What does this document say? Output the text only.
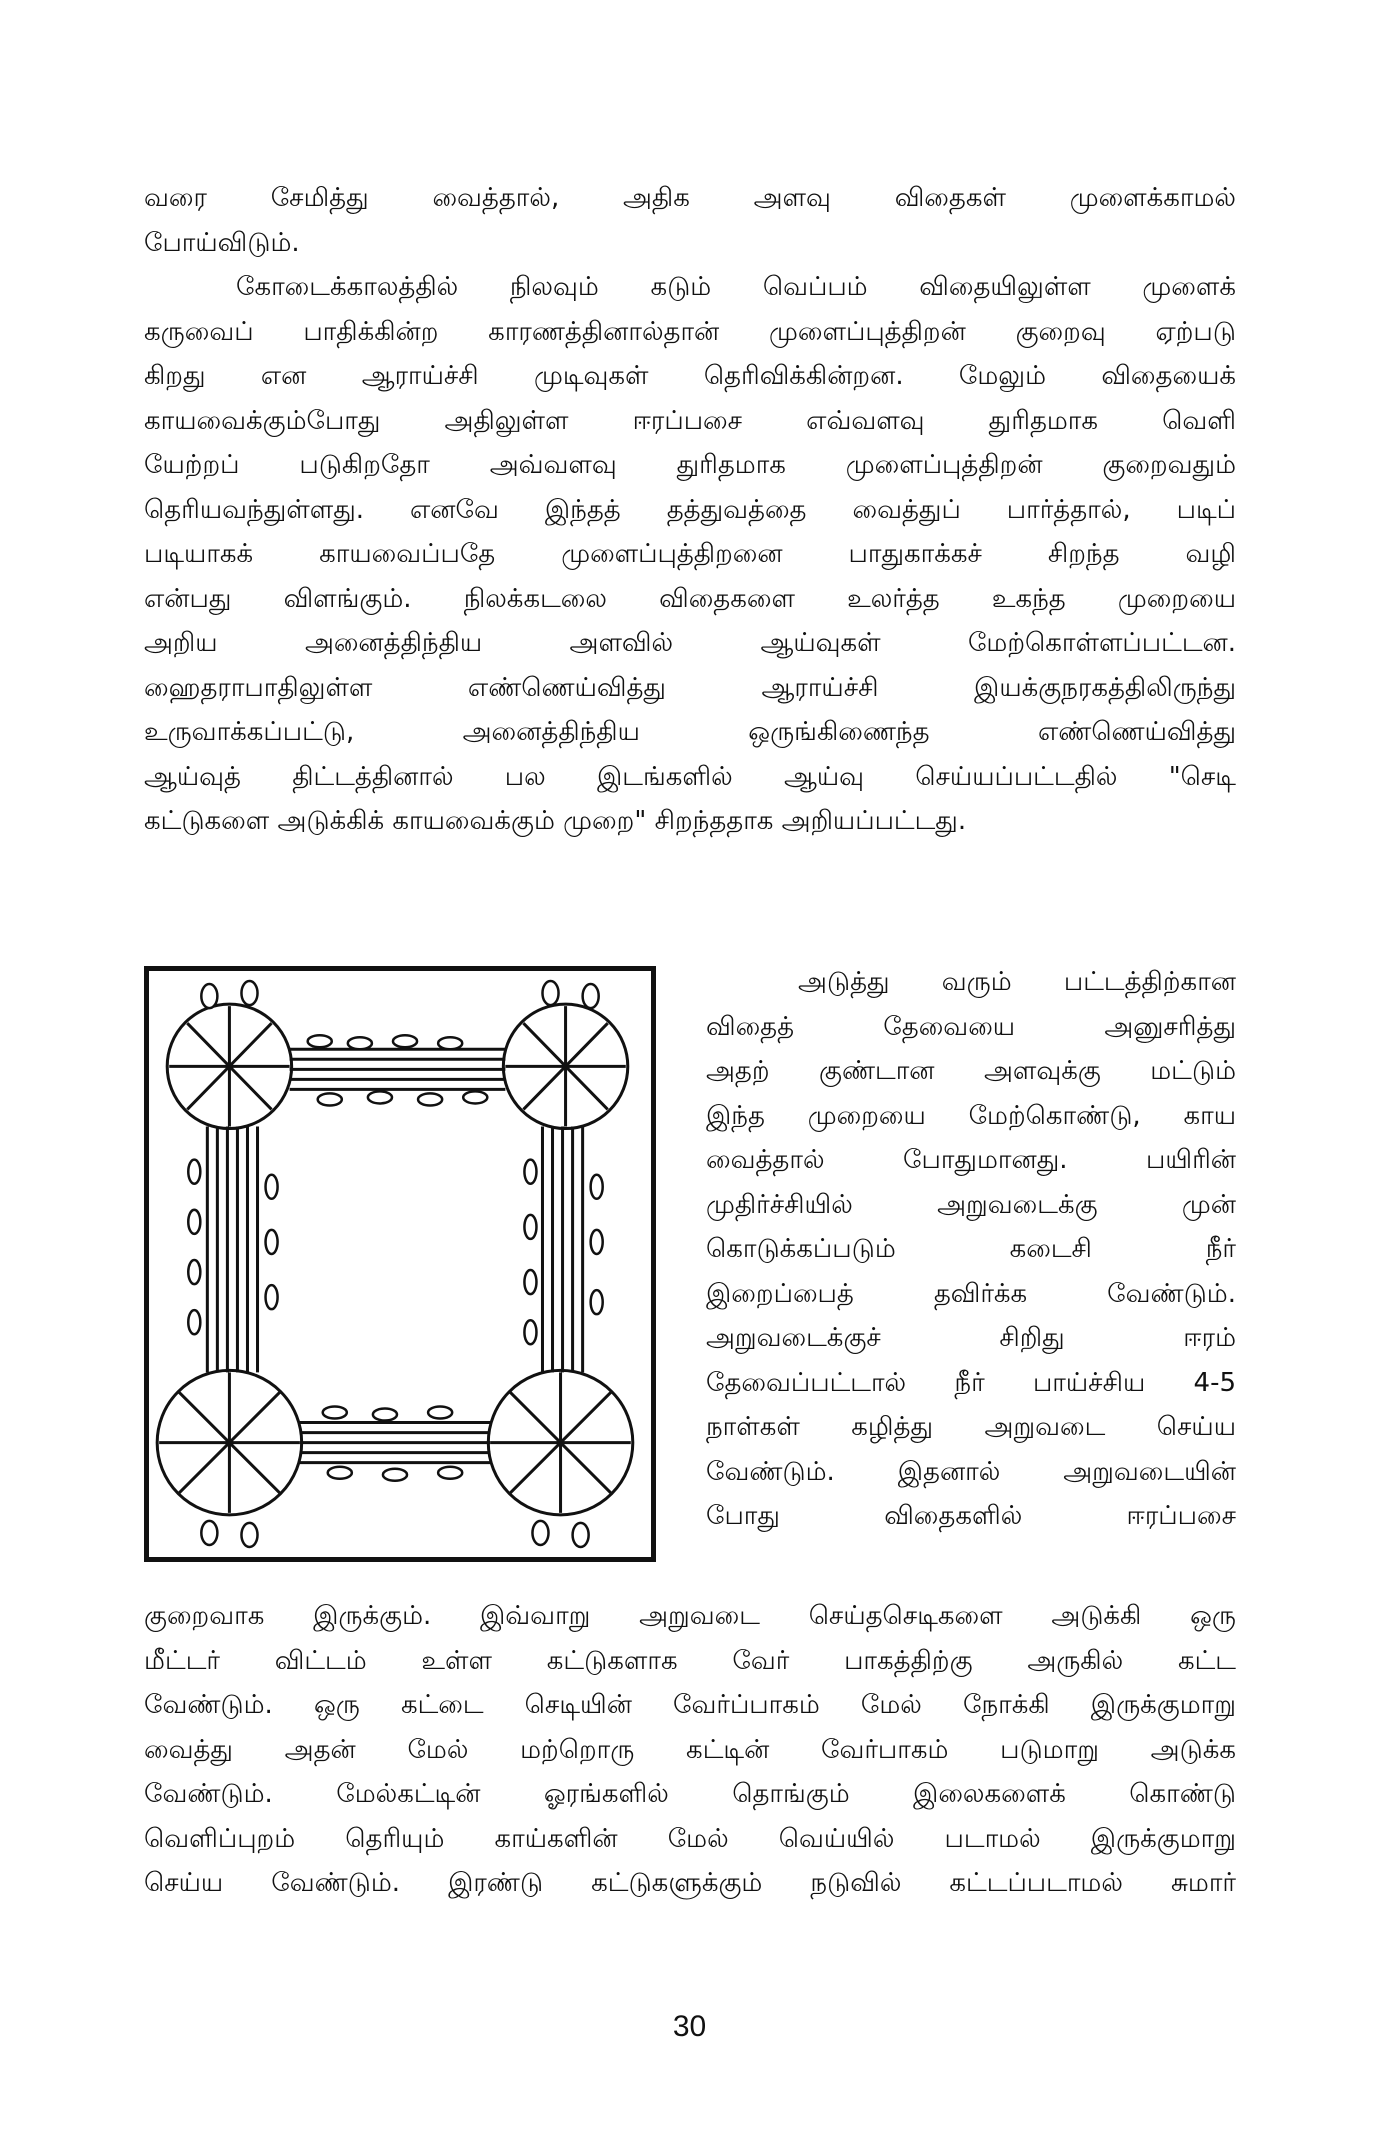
வரை சேமித்து வைத்தால், அதிக அளவு விதைகள் முளைக்காமல்
போய்விடும்.
கோடைக்காலத்தில் நிலவும் கடும் வெப்பம் விதையிலுள்ள முளைக்
கருவைப் பாதிக்கின்ற காரணத்தினால்தான் முளைப்புத்திறன் குறைவு ஏற்படு
கிறது என ஆராய்ச்சி முடிவுகள் தெரிவிக்கின்றன. மேலும் விதையைக்
காயவைக்கும்போது அதிலுள்ள ஈரப்பசை எவ்வளவு துரிதமாக வெளி
யேற்றப் படுகிறதோ அவ்வளவு துரிதமாக முளைப்புத்திறன் குறைவதும்
தெரியவந்துள்ளது. எனவே இந்தத் தத்துவத்தை வைத்துப் பார்த்தால், படிப்
படியாகக் காயவைப்பதே முளைப்புத்திறனை பாதுகாக்கச் சிறந்த வழி
என்பது விளங்கும். நிலக்கடலை விதைகளை உலர்த்த உகந்த முறையை
அறிய அனைத்திந்திய அளவில் ஆய்வுகள் மேற்கொள்ளப்பட்டன.
ஹைதராபாதிலுள்ள எண்ணெய்வித்து ஆராய்ச்சி இயக்குநரகத்திலிருந்து
உருவாக்கப்பட்டு, அனைத்திந்திய ஒருங்கிணைந்த எண்ணெய்வித்து
ஆய்வுத் திட்டத்தினால் பல இடங்களில் ஆய்வு செய்யப்பட்டதில் "செடி
கட்டுகளை அடுக்கிக் காயவைக்கும் முறை" சிறந்ததாக அறியப்பட்டது.
அடுத்து வரும் பட்டத்திற்கான
விதைத் தேவையை அனுசரித்து
அதற் குண்டான அளவுக்கு மட்டும்
இந்த முறையை மேற்கொண்டு, காய
வைத்தால் போதுமானது. பயிரின்
முதிர்ச்சியில் அறுவடைக்கு முன்
கொடுக்கப்படும் கடைசி நீர்
இறைப்பைத் தவிர்க்க வேண்டும்.
அறுவடைக்குச் சிறிது ஈரம்
தேவைப்பட்டால் நீர் பாய்ச்சிய 4-5
நாள்கள் கழித்து அறுவடை செய்ய
வேண்டும். இதனால் அறுவடையின்
போது விதைகளில் ஈரப்பசை
குறைவாக இருக்கும். இவ்வாறு அறுவடை செய்தசெடிகளை அடுக்கி ஒரு
மீட்டர் விட்டம் உள்ள கட்டுகளாக வேர் பாகத்திற்கு அருகில் கட்ட
வேண்டும். ஒரு கட்டை செடியின் வேர்ப்பாகம் மேல் நோக்கி இருக்குமாறு
வைத்து அதன் மேல் மற்றொரு கட்டின் வேர்பாகம் படுமாறு அடுக்க
வேண்டும். மேல்கட்டின் ஓரங்களில் தொங்கும் இலைகளைக் கொண்டு
வெளிப்புறம் தெரியும் காய்களின் மேல் வெய்யில் படாமல் இருக்குமாறு
செய்ய வேண்டும். இரண்டு கட்டுகளுக்கும் நடுவில் கட்டப்படாமல் சுமார்
30
